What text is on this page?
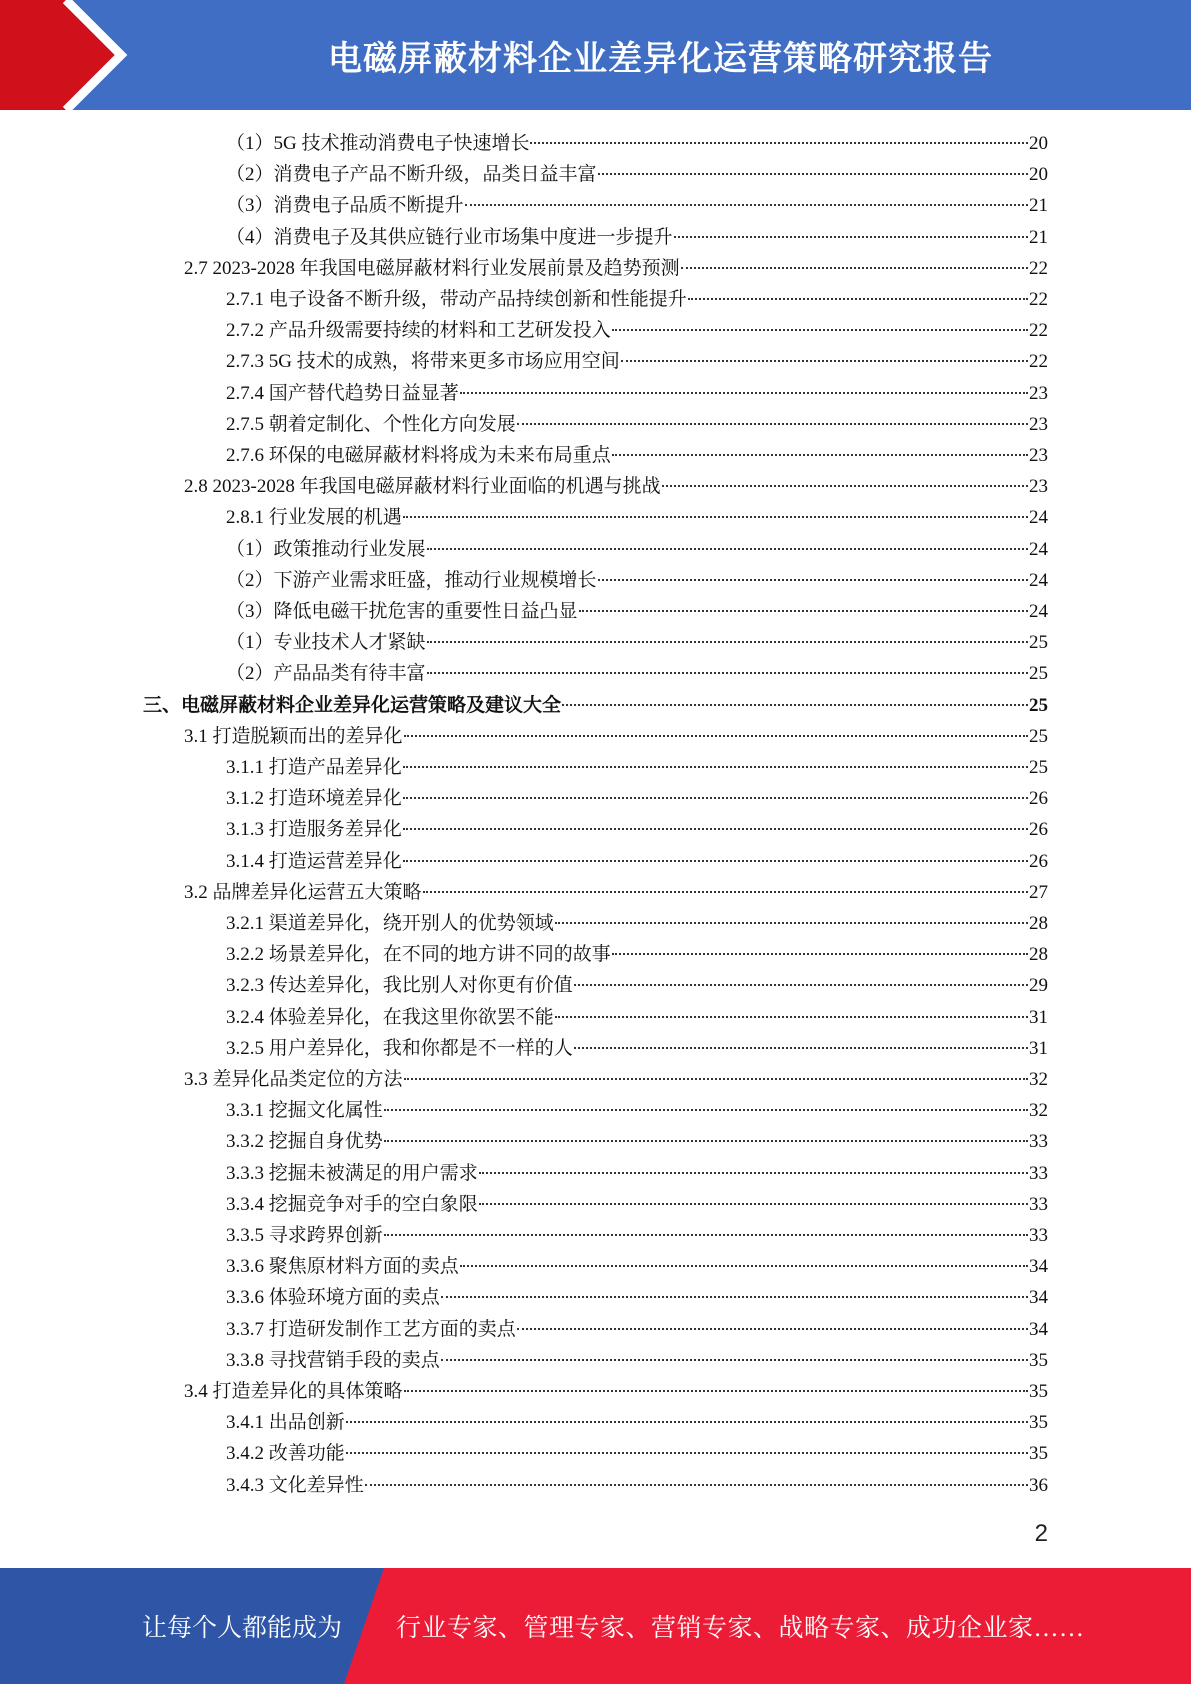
电磁屏蔽材料企业差异化运营策略研究报告
（1）5G 技术推动消费电子快速增长	20
（2）消费电子产品不断升级，品类日益丰富	20
（3）消费电子品质不断提升	21
（4）消费电子及其供应链行业市场集中度进一步提升	21
2.7 2023-2028 年我国电磁屏蔽材料行业发展前景及趋势预测	22
2.7.1 电子设备不断升级，带动产品持续创新和性能提升	22
2.7.2 产品升级需要持续的材料和工艺研发投入	22
2.7.3 5G 技术的成熟，将带来更多市场应用空间	22
2.7.4 国产替代趋势日益显著	23
2.7.5 朝着定制化、个性化方向发展	23
2.7.6 环保的电磁屏蔽材料将成为未来布局重点	23
2.8 2023-2028 年我国电磁屏蔽材料行业面临的机遇与挑战	23
2.8.1 行业发展的机遇	24
（1）政策推动行业发展	24
（2）下游产业需求旺盛，推动行业规模增长	24
（3）降低电磁干扰危害的重要性日益凸显	24
（1）专业技术人才紧缺	25
（2）产品品类有待丰富	25
三、电磁屏蔽材料企业差异化运营策略及建议大全	25
3.1 打造脱颖而出的差异化	25
3.1.1 打造产品差异化	25
3.1.2 打造环境差异化	26
3.1.3 打造服务差异化	26
3.1.4 打造运营差异化	26
3.2 品牌差异化运营五大策略	27
3.2.1 渠道差异化，绕开别人的优势领域	28
3.2.2 场景差异化，在不同的地方讲不同的故事	28
3.2.3 传达差异化，我比别人对你更有价值	29
3.2.4 体验差异化，在我这里你欲罢不能	31
3.2.5 用户差异化，我和你都是不一样的人	31
3.3 差异化品类定位的方法	32
3.3.1 挖掘文化属性	32
3.3.2 挖掘自身优势	33
3.3.3 挖掘未被满足的用户需求	33
3.3.4 挖掘竞争对手的空白象限	33
3.3.5 寻求跨界创新	33
3.3.6 聚焦原材料方面的卖点	34
3.3.6 体验环境方面的卖点	34
3.3.7 打造研发制作工艺方面的卖点	34
3.3.8 寻找营销手段的卖点	35
3.4 打造差异化的具体策略	35
3.4.1 出品创新	35
3.4.2 改善功能	35
3.4.3 文化差异性	36
2
让每个人都能成为 行业专家、管理专家、营销专家、战略专家、成功企业家……
